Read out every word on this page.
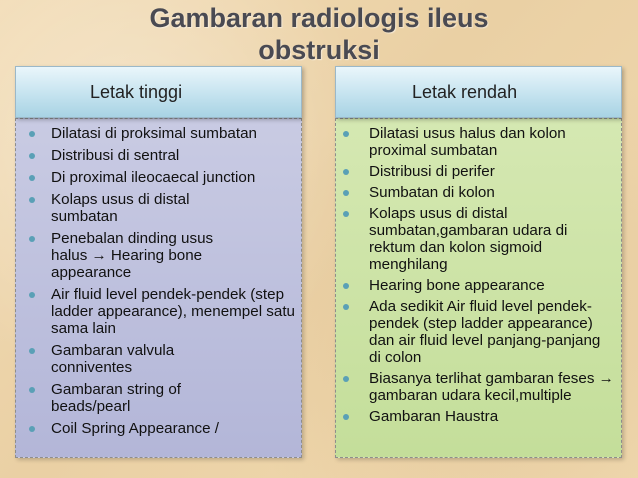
Gambaran radiologis ileus
obstruksi
Letak tinggi	Letak rendah
Dilatasi di proksimal sumbatan
Distribusi di sentral
Di proximal ileocaecal junction
Kolaps usus di distal sumbatan
Penebalan dinding usus halus → Hearing bone appearance
Air fluid level pendek-pendek (step ladder appearance), menempel satu sama lain
Gambaran valvula conniventes
Gambaran string of beads/pearl
Coil Spring Appearance /
Dilatasi usus halus dan kolon proximal sumbatan
Distribusi di perifer
Sumbatan di kolon
Kolaps usus di distal sumbatan,gambaran udara di rektum dan kolon sigmoid menghilang
Hearing bone appearance
Ada sedikit Air fluid level pendek-pendek (step ladder appearance) dan air fluid level panjang-panjang di colon
Biasanya terlihat gambaran feses → gambaran udara kecil,multiple
Gambaran Haustra
